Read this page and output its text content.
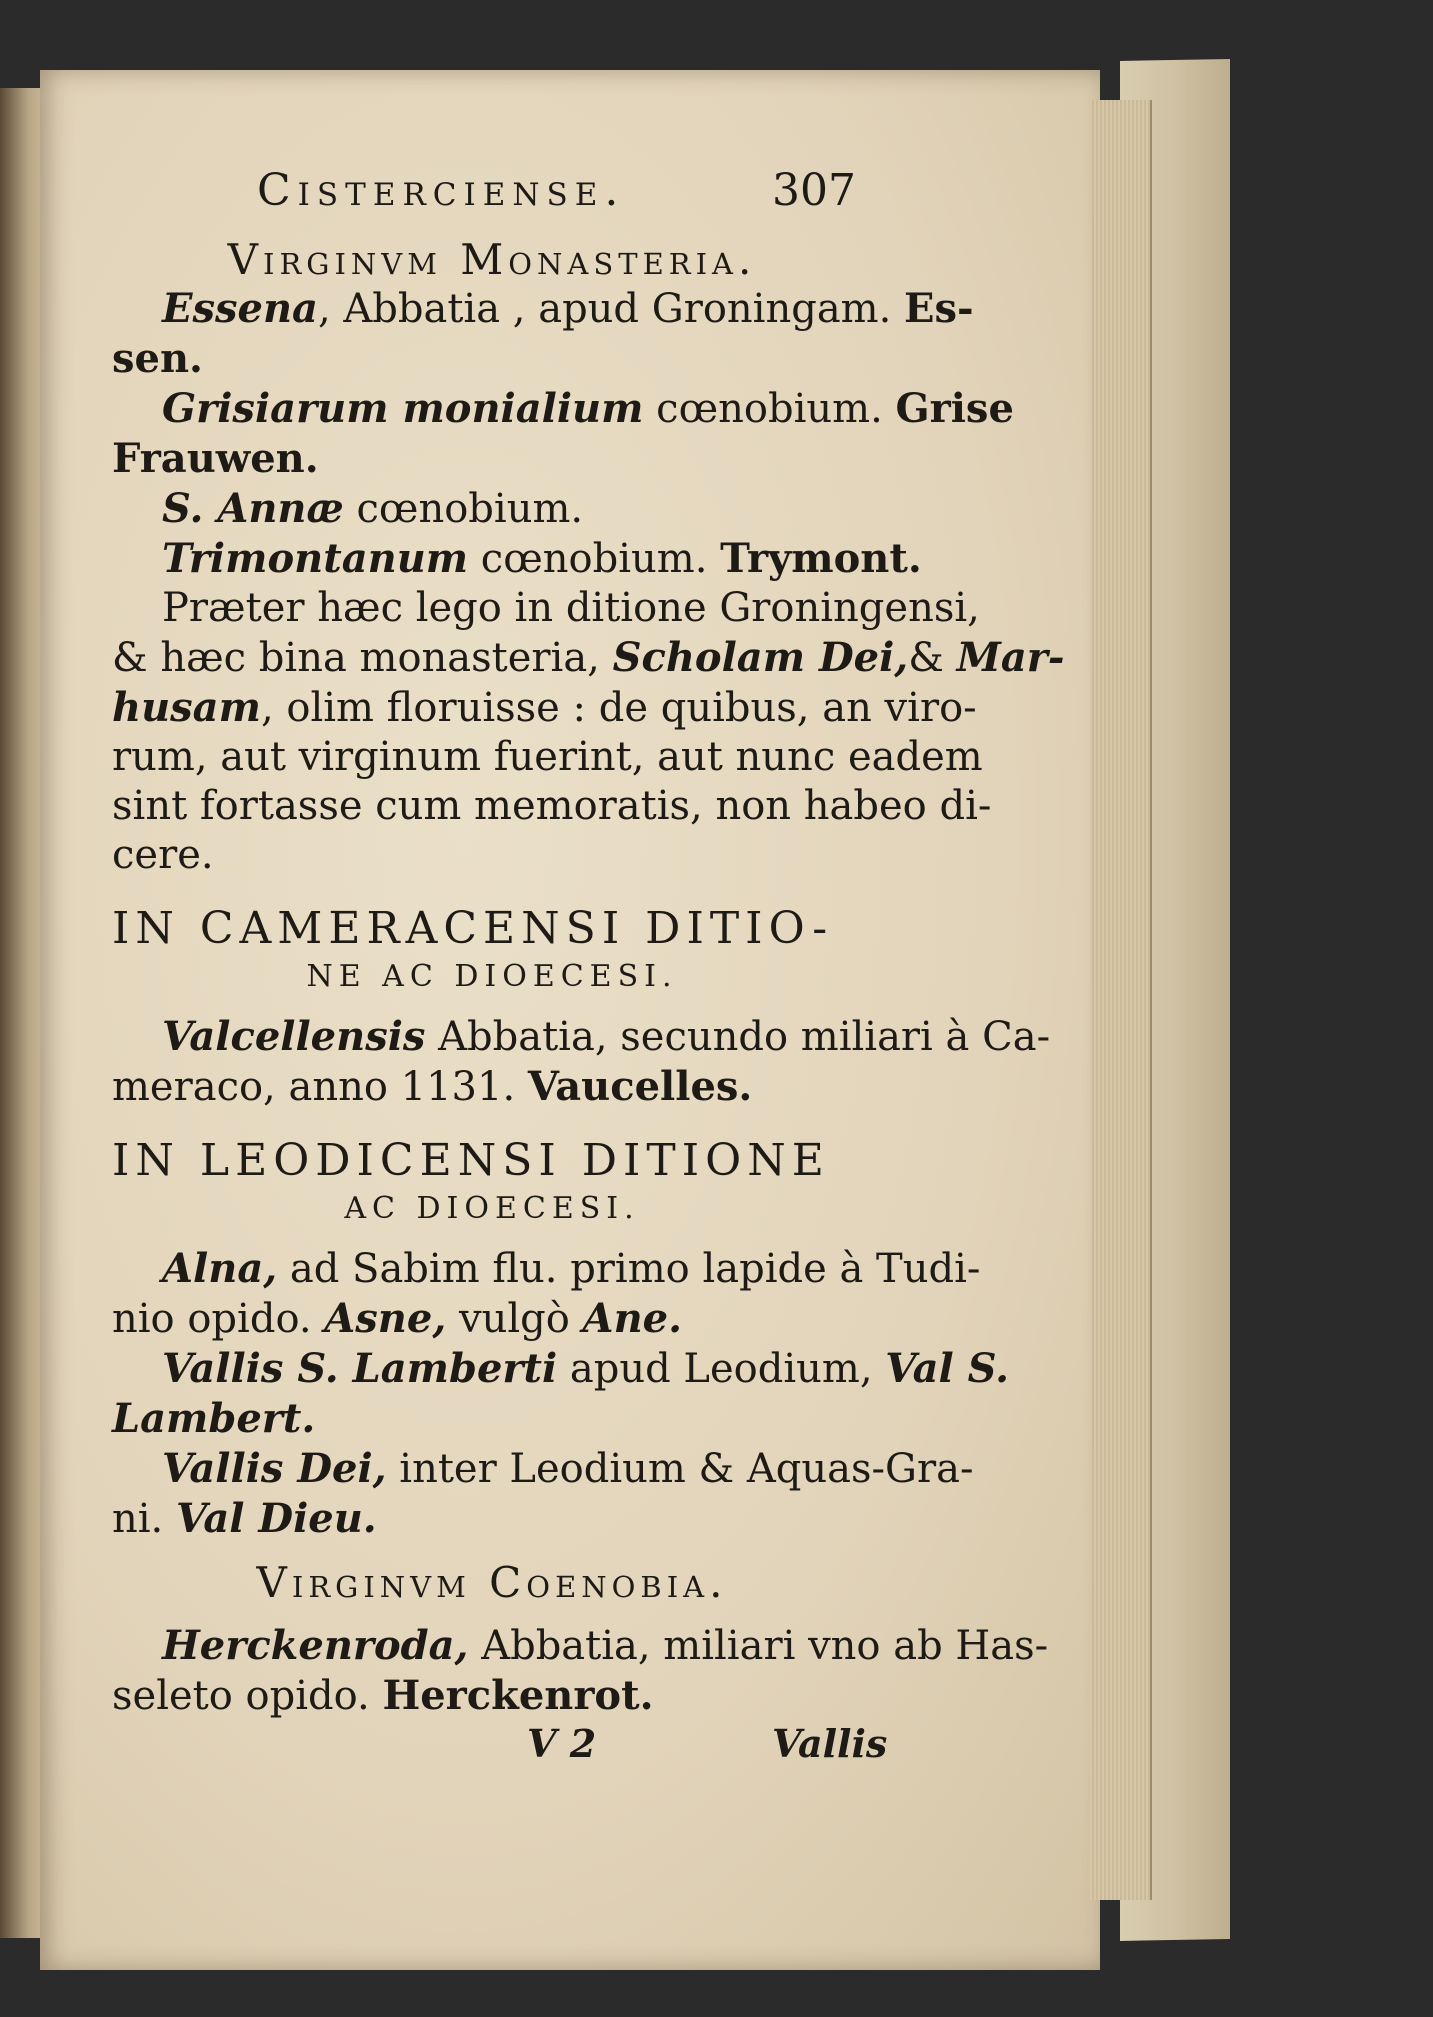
Cisterciense.	307
Virginvm Monasteria.
Essena, Abbatia , apud Groningam. Es-
sen.
Grisiarum monialium cœnobium. Grise
Frauwen.
S. Annæ cœnobium.
Trimontanum cœnobium. Trymont.
Præter hæc lego in ditione Groningensi,
& hæc bina monasteria, Scholam Dei,& Mar-
husam, olim floruisse : de quibus, an viro-
rum, aut virginum fuerint, aut nunc eadem
sint fortasse cum memoratis, non habeo di-
cere.
IN CAMERACENSI DITIO-
NE AC DIOECESI.
Valcellensis Abbatia, secundo miliari à Ca-
meraco, anno 1131. Vaucelles.
IN LEODICENSI DITIONE
AC DIOECESI.
Alna, ad Sabim flu. primo lapide à Tudi-
nio opido. Asne, vulgò Ane.
Vallis S. Lamberti apud Leodium, Val S.
Lambert.
Vallis Dei, inter Leodium & Aquas-Gra-
ni. Val Dieu.
Virginvm Coenobia.
Herckenroda, Abbatia, miliari vno ab Has-
seleto opido. Herckenrot.
V 2	Vallis
